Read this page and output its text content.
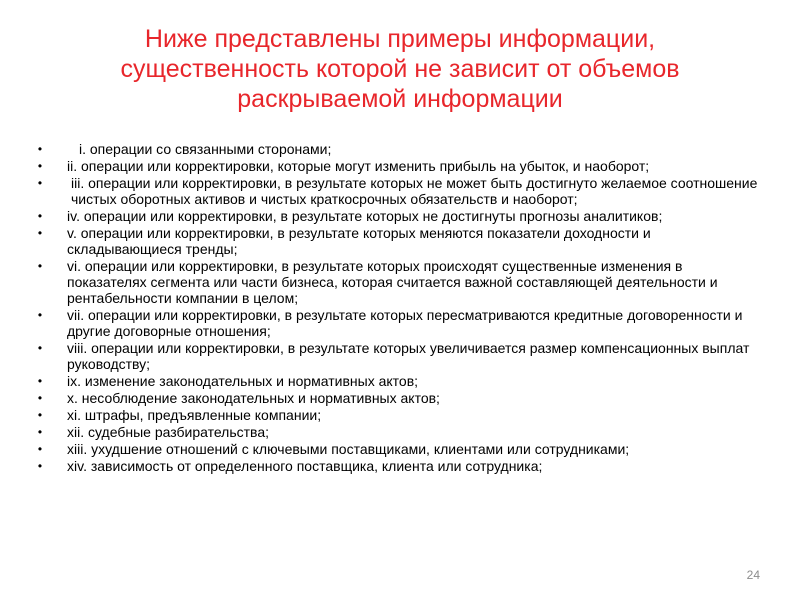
Ниже представлены примеры информации, существенность которой не зависит от объемов раскрываемой информации
•	i. операции со связанными сторонами;
• ii. операции или корректировки, которые могут изменить прибыль на убыток, и наоборот;
• iii. операции или корректировки, в результате которых не может быть достигнуто желаемое соотношение чистых оборотных активов и чистых краткосрочных обязательств и наоборот;
• iv. операции или корректировки, в результате которых не достигнуты прогнозы аналитиков;
• v. операции или корректировки, в результате которых меняются показатели доходности и складывающиеся тренды;
• vi. операции или корректировки, в результате которых происходят существенные изменения в показателях сегмента или части бизнеса, которая считается важной составляющей деятельности и рентабельности компании в целом;
• vii. операции или корректировки, в результате которых пересматриваются кредитные договоренности и другие договорные отношения;
• viii. операции или корректировки, в результате которых увеличивается размер компенсационных выплат руководству;
• ix. изменение законодательных и нормативных актов;
• x. несоблюдение законодательных и нормативных актов;
• xi. штрафы, предъявленные компании;
• xii. судебные разбирательства;
• xiii. ухудшение отношений с ключевыми поставщиками, клиентами или сотрудниками;
• xiv. зависимость от определенного поставщика, клиента или сотрудника;
24
